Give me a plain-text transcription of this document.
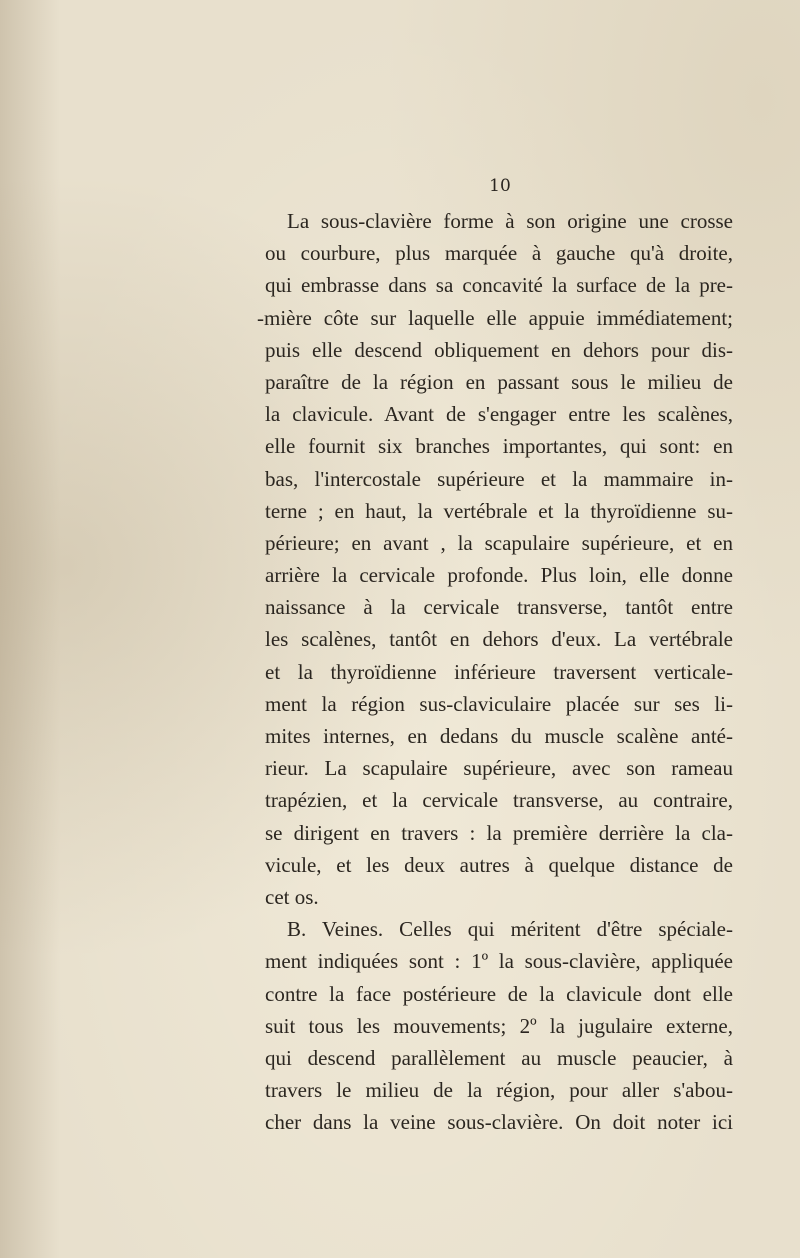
10
La sous-clavière forme à son origine une crosse
ou courbure, plus marquée à gauche qu'à droite,
qui embrasse dans sa concavité la surface de la pre-
-mière côte sur laquelle elle appuie immédiatement;
puis elle descend obliquement en dehors pour dis-
paraître de la région en passant sous le milieu de
la clavicule. Avant de s'engager entre les scalènes,
elle fournit six branches importantes, qui sont: en
bas, l'intercostale supérieure et la mammaire in-
terne ; en haut, la vertébrale et la thyroïdienne su-
périeure; en avant , la scapulaire supérieure, et en
arrière la cervicale profonde. Plus loin, elle donne
naissance à la cervicale transverse, tantôt entre
les scalènes, tantôt en dehors d'eux. La vertébrale
et la thyroïdienne inférieure traversent verticale-
ment la région sus-claviculaire placée sur ses li-
mites internes, en dedans du muscle scalène anté-
rieur. La scapulaire supérieure, avec son rameau
trapézien, et la cervicale transverse, au contraire,
se dirigent en travers : la première derrière la cla-
vicule, et les deux autres à quelque distance de
cet os.
B. Veines. Celles qui méritent d'être spéciale-
ment indiquées sont : 1º la sous-clavière, appliquée
contre la face postérieure de la clavicule dont elle
suit tous les mouvements; 2º la jugulaire externe,
qui descend parallèlement au muscle peaucier, à
travers le milieu de la région, pour aller s'abou-
cher dans la veine sous-clavière. On doit noter ici
